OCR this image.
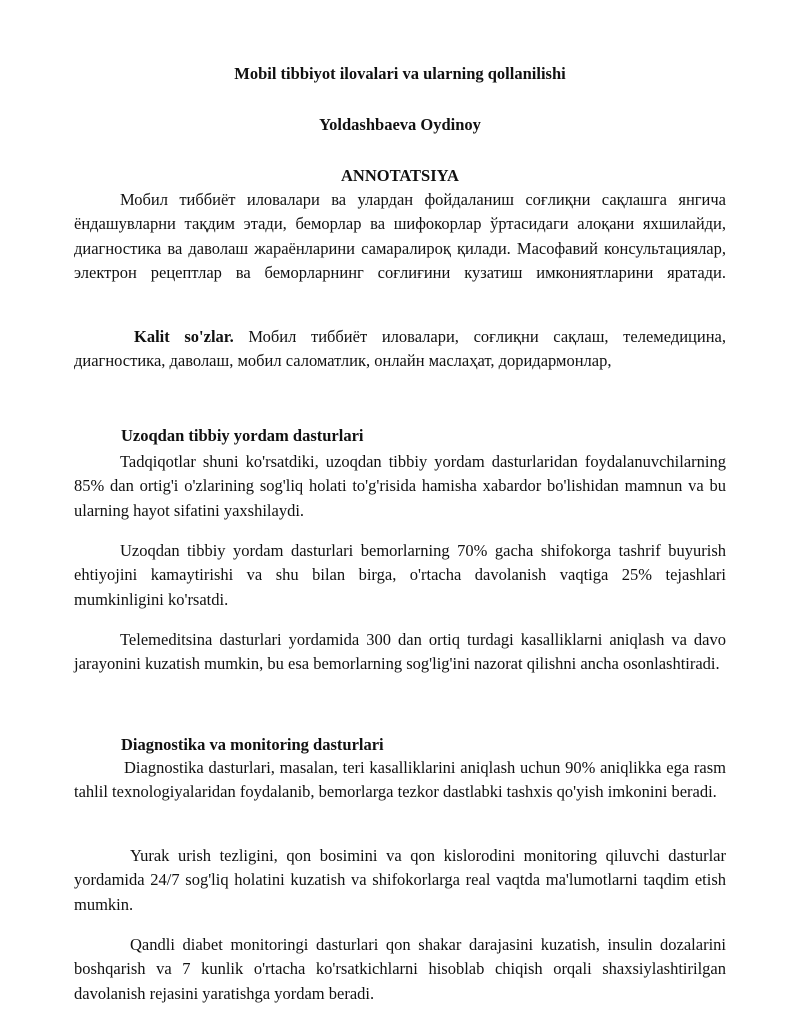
Mobil tibbiyot ilovalari va ularning qollanilishi
Yoldashbaeva Oydinoy
ANNOTATSIYA
Мобил тиббиёт иловалари ва улардан фойдаланиш соғлиқни сақлашга янгича ёндашувларни тақдим этади, беморлар ва шифокорлар ўртасидаги алоқани яхшилайди, диагностика ва даволаш жараёнларини самаралироқ қилади. Масофавий консультациялар, электрон рецептлар ва беморларнинг соғлиғини кузатиш имкониятларини яратади.
Kalit so'zlar. Мобил тиббиёт иловалари, соғлиқни сақлаш, телемедицина, диагностика, даволаш, мобил саломатлик, онлайн маслаҳат, доридармонлар,
Uzoqdan tibbiy yordam dasturlari
Tadqiqotlar shuni ko'rsatdiki, uzoqdan tibbiy yordam dasturlaridan foydalanuvchilarning 85% dan ortig'i o'zlarining sog'liq holati to'g'risida hamisha xabardor bo'lishidan mamnun va bu ularning hayot sifatini yaxshilaydi.
Uzoqdan tibbiy yordam dasturlari bemorlarning 70% gacha shifokorga tashrif buyurish ehtiyojini kamaytirishi va shu bilan birga, o'rtacha davolanish vaqtiga 25% tejashlari mumkinligini ko'rsatdi.
Telemeditsina dasturlari yordamida 300 dan ortiq turdagi kasalliklarni aniqlash va davo jarayonini kuzatish mumkin, bu esa bemorlarning sog'lig'ini nazorat qilishni ancha osonlashtiradi.
Diagnostika va monitoring dasturlari
Diagnostika dasturlari, masalan, teri kasalliklarini aniqlash uchun 90% aniqlikka ega rasm tahlil texnologiyalaridan foydalanib, bemorlarga tezkor dastlabki tashxis qo'yish imkonini beradi.
Yurak urish tezligini, qon bosimini va qon kislorodini monitoring qiluvchi dasturlar yordamida 24/7 sog'liq holatini kuzatish va shifokorlarga real vaqtda ma'lumotlarni taqdim etish mumkin.
Qandli diabet monitoringi dasturlari qon shakar darajasini kuzatish, insulin dozalarini boshqarish va 7 kunlik o'rtacha ko'rsatkichlarni hisoblab chiqish orqali shaxsiylashtirilgan davolanish rejasini yaratishga yordam beradi.
